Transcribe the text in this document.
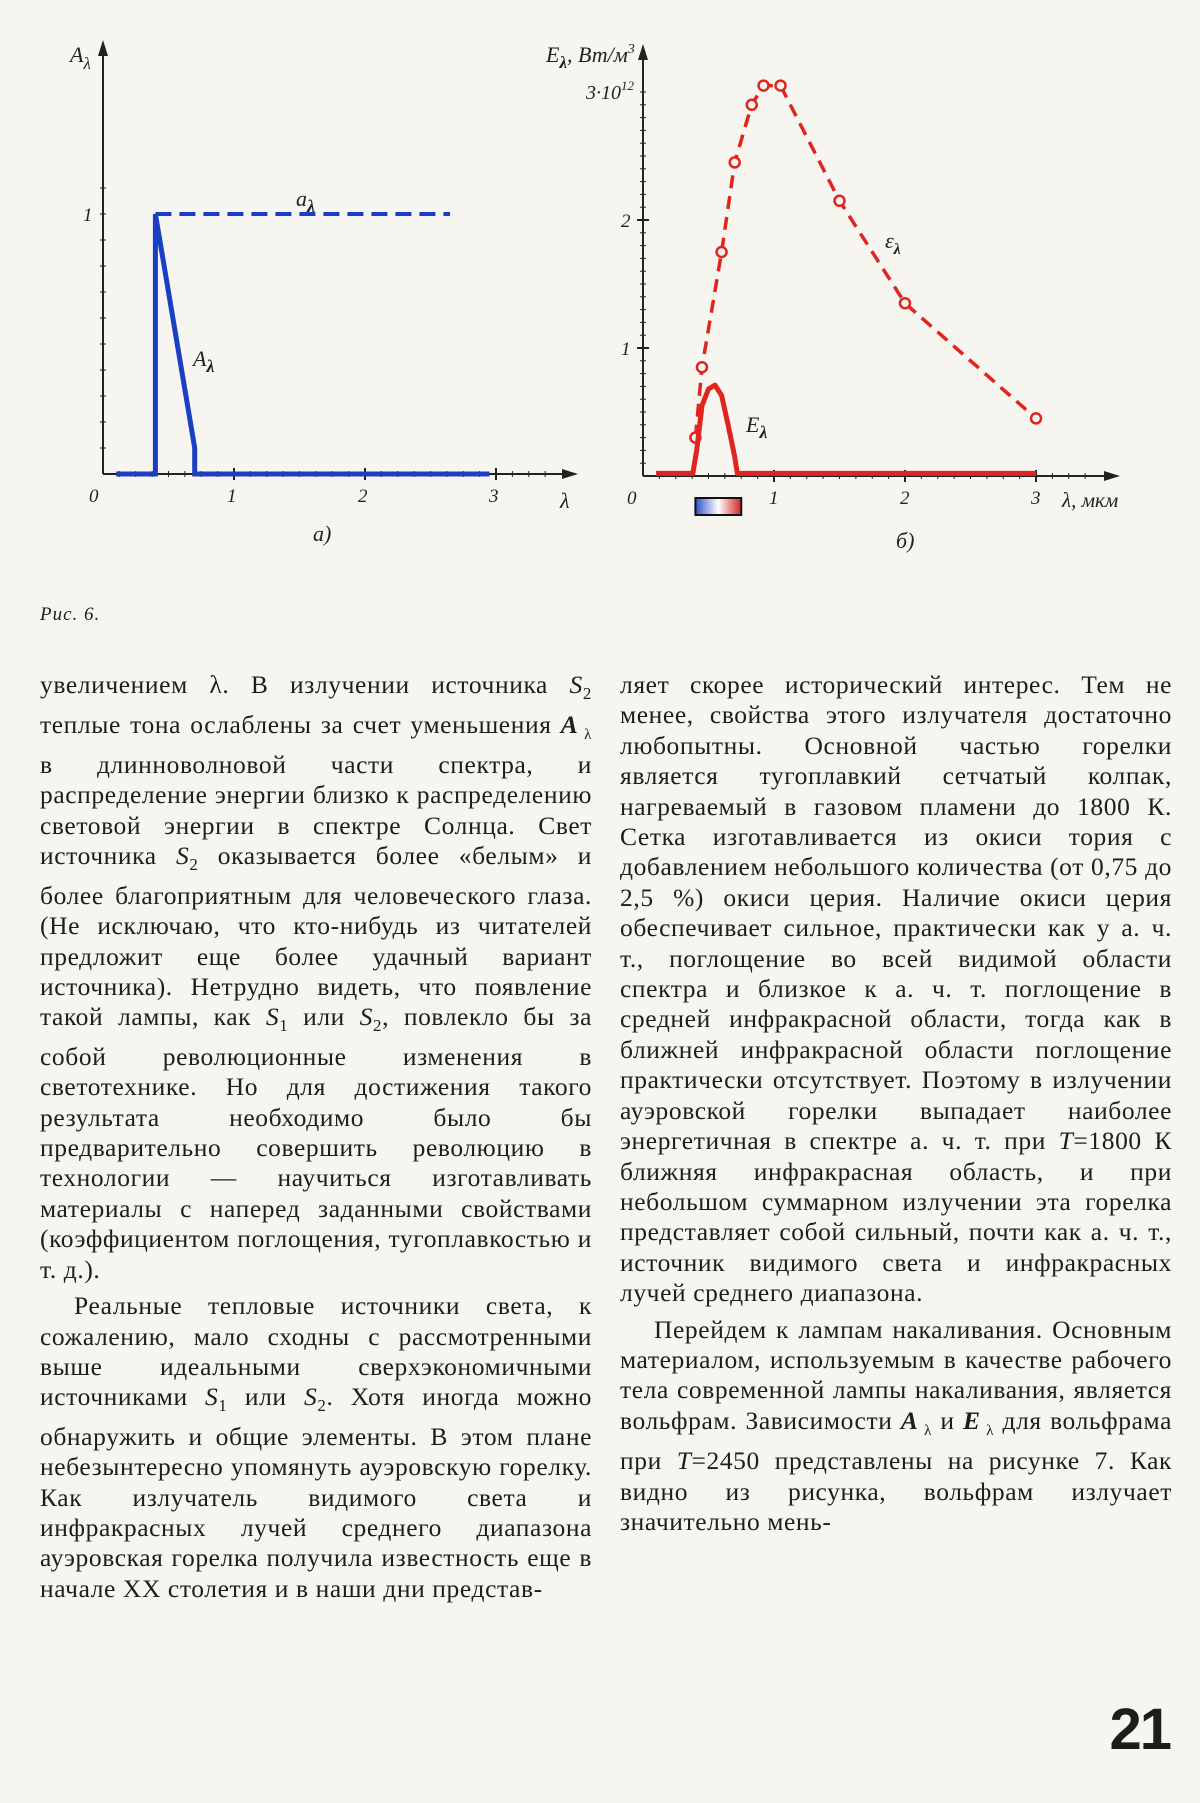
1
0	1	2	3
$A_\lambda$
λ
$a_\lambda$
$A_\lambda$
а)
1
2
0	1	2	3
$E_\lambda$, $Вт/м^3$
$3\cdot 10^{12}$
λ, мкм
$\varepsilon_\lambda$
$E_\lambda$
б)
Рис. 6.

увеличением λ. В излучении источника $S_2$ теплые тона ослаблены за счет уменьшения A $_\lambda$ в длинноволновой части спектра, и распределение энергии близко к распределению световой энергии в спектре Солнца. Свет источника $S_2$ оказывается более «белым» и более благоприятным для человеческого глаза. (Не исключаю, что кто-нибудь из читателей предложит еще более удачный вариант источника). Нетрудно видеть, что появление такой лампы, как $S_1$ или $S_2$, повлекло бы за собой революционные изменения в светотехнике. Но для достижения такого результата необходимо было бы предварительно совершить революцию в технологии — научиться изготавливать материалы с наперед заданными свойствами (коэффициентом поглощения, тугоплавкостью и т. д.).

Реальные тепловые источники света, к сожалению, мало сходны с рассмотренными выше идеальными сверхэкономичными источниками $S_1$ или $S_2$. Хотя иногда можно обнаружить и общие элементы. В этом плане небезынтересно упомянуть ауэровскую горелку. Как излучатель видимого света и инфракрасных лучей среднего диапазона ауэровская горелка получила известность еще в начале XX столетия и в наши дни представ-

ляет скорее исторический интерес. Тем не менее, свойства этого излучателя достаточно любопытны. Основной частью горелки является тугоплавкий сетчатый колпак, нагреваемый в газовом пламени до 1800 К. Сетка изготавливается из окиси тория с добавлением небольшого количества (от 0,75 до 2,5 %) окиси церия. Наличие окиси церия обеспечивает сильное, практически как у а. ч. т., поглощение во всей видимой области спектра и близкое к а. ч. т. поглощение в средней инфракрасной области, тогда как в ближней инфракрасной области поглощение практически отсутствует. Поэтому в излучении ауэровской горелки выпадает наиболее энергетичная в спектре а. ч. т. при T=1800 К ближняя инфракрасная область, и при небольшом суммарном излучении эта горелка представляет собой сильный, почти как а. ч. т., источник видимого света и инфракрасных лучей среднего диапазона.

Перейдем к лампам накаливания. Основным материалом, используемым в качестве рабочего тела современной лампы накаливания, является вольфрам. Зависимости A $_\lambda$ и E $_\lambda$ для вольфрама при T=2450 представлены на рисунке 7. Как видно из рисунка, вольфрам излучает значительно мень-

21
